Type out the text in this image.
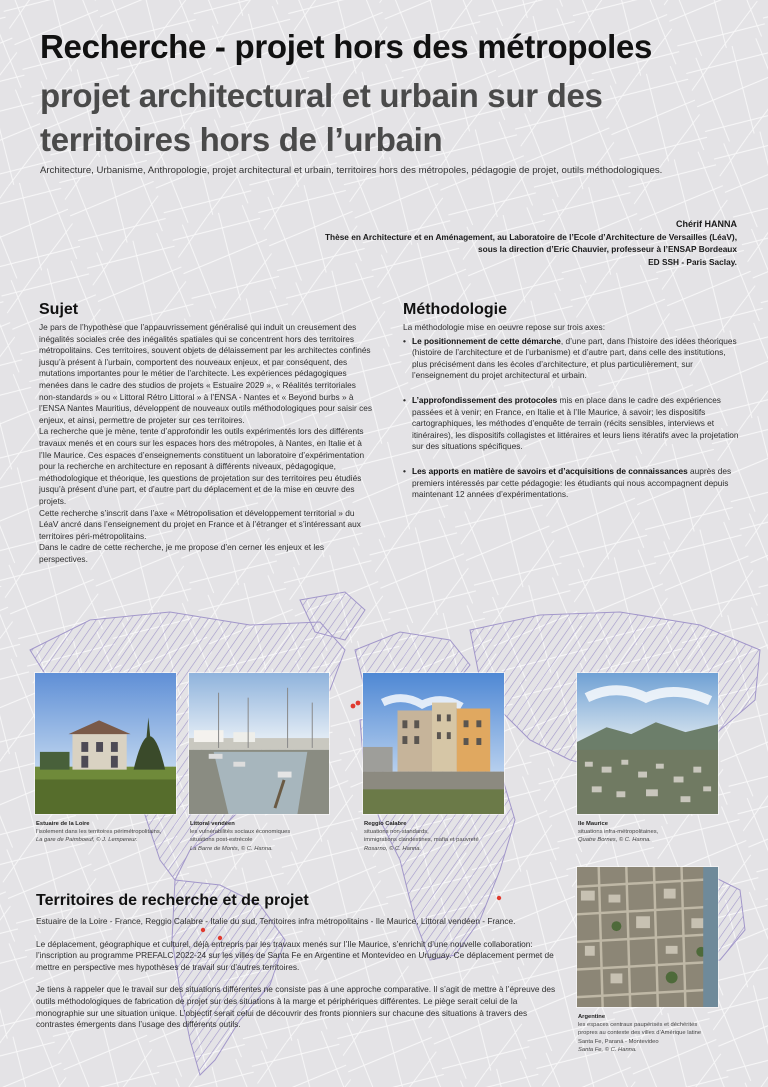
Recherche - projet hors des métropoles
projet architectural et urbain sur des territoires hors de l’urbain
Architecture, Urbanisme, Anthropologie, projet architectural et urbain, territoires hors des métropoles, pédagogie de projet, outils méthodologiques.
Chérif HANNA
Thèse en Architecture et en Aménagement, au Laboratoire de l’Ecole d’Architecture de Versailles (LéaV),
sous la direction d’Eric Chauvier, professeur à l’ENSAP Bordeaux
ED SSH - Paris Saclay.
Sujet

Je pars de l’hypothèse que l’appauvrissement généralisé qui induit un creusement des inégalités sociales crée des inégalités spatiales qui se concentrent hors des territoires métropolitains. Ces territoires, souvent objets de délaissement par les architectes confinés jusqu’à présent à l’urbain, comportent des nouveaux enjeux, et par conséquent, des mutations importantes pour le métier de l’architecte. Les expériences pédagogiques menées dans le cadre des studios de projets « Estuaire 2029 », « Réalités territoriales non-standards » ou « Littoral Rétro Littoral » à l’ENSA - Nantes et « Beyond burbs » à l’ENSA Nantes Mauritius, développent de nouveaux outils méthodologiques pour saisir ces enjeux, et ainsi, permettre de projeter sur ces territoires.

La recherche que je mène, tente d’approfondir les outils expérimentés lors des différents travaux menés et en cours sur les espaces hors des métropoles, à Nantes, en Italie et à l’Ile Maurice. Ces espaces d’enseignements constituent un laboratoire d’expérimentation pour la recherche en architecture en reposant à différents niveaux, pédagogique, méthodologique et théorique, les questions de projetation sur des territoires peu étudiés jusqu’à présent d’une part, et d’autre part du déplacement et de la mise en œuvre des projets.

Cette recherche s’inscrit dans l’axe « Métropolisation et développement territorial » du LéaV ancré dans l’enseignement du projet en France et à l’étranger et s’intéressant aux territoires péri-métropolitains.

Dans le cadre de cette recherche, je me propose d’en cerner les enjeux et les perspectives.

Méthodologie

La méthodologie mise en oeuvre repose sur trois axes:

• Le positionnement de cette démarche, d’une part, dans l’histoire des idées théoriques (histoire de l’architecture et de l’urbanisme) et d’autre part, dans celle des institutions, plus précisément dans les écoles d’architecture, et plus particulièrement, sur l’enseignement du projet architectural et urbain.
• L’approfondissement des protocoles mis en place dans le cadre des expériences passées et à venir; en France, en Italie et à l’Ile Maurice, à savoir; les dispositifs cartographiques, les méthodes d’enquête de terrain (récits sensibles, interviews et itinéraires), les dispositifs collagistes et littéraires et leurs liens itératifs avec la projetation sur des situations spécifiques.
• Les apports en matière de savoirs et d’acquisitions de connaissances auprès des premiers intéressés par cette pédagogie: les étudiants qui nous accompagnent depuis maintenant 12 années d’expérimentations.
Estuaire de la Loire
l’isolement dans les territoires périmétropolitains,
La gare de Paimboeuf, © J. Lempereur.
Littoral vendéen
les vulnérabilités sociaux économiques
situations post-estrécole
La Barre de Monts, © C. Hanna.
Reggio Calabre
situations non-standards,
immigrations clandestines, mafia et pauvreté
Rosarno, © C. Hanna.
Ile Maurice
situations infra-métropolitaines,
Quatre Bornes, © C. Hanna.
Argentine
les espaces centraux paupérisés et déchérités
propres au contexte des villes d’Amérique latine
Santa Fe, Paraná - Montevideo
Santa Fe, © C. Hanna.
Territoires de recherche et de projet

Estuaire de la Loire - France, Reggio Calabre - Italie du sud, Territoires infra métropolitains - Ile Maurice, Littoral vendéen - France.

Le déplacement, géographique et culturel, déjà entrepris par les travaux menés sur l’Ile Maurice, s’enrichit d’une nouvelle collaboration: l’inscription au programme PREFALC 2022-24 sur les villes de Santa Fe en Argentine et Montevideo en Uruguay. Ce déplacement permet de mettre en perspective mes hypothèses de travail sur d’autres territoires.

Je tiens à rappeler que le travail sur des situations différentes ne consiste pas à une approche comparative. Il s’agit de mettre à l’épreuve des outils méthodologiques de fabrication de projet sur des situations à la marge et périphériques différentes. Le piège serait celui de la monographie sur une situation unique. L’objectif serait celui de découvrir des fronts pionniers sur chacune des situations à travers des contrastes émergents dans l’usage des différents outils.
